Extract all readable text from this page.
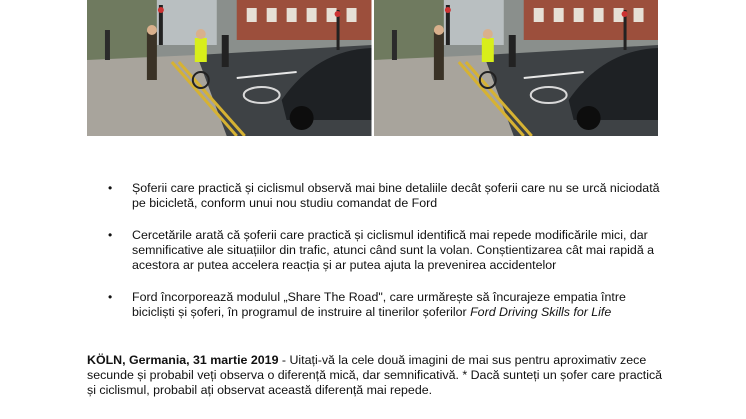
• Șoferii care practică și ciclismul observă mai bine detaliile decât șoferii care nu se urcă niciodată pe bicicletă, conform unui nou studiu comandat de Ford
• Cercetările arată că șoferii care practică și ciclismul identifică mai repede modificările mici, dar semnificative ale situațiilor din trafic, atunci când sunt la volan. Conștientizarea cât mai rapidă a acestora ar putea accelera reacția și ar putea ajuta la prevenirea accidentelor
• Ford încorporează modulul „Share The Road", care urmărește să încurajeze empatia între bicicliști și șoferi, în programul de instruire al tinerilor șoferilor Ford Driving Skills for Life

KÖLN, Germania, 31 martie 2019 - Uitați-vă la cele două imagini de mai sus pentru aproximativ zece secunde și probabil veți observa o diferență mică, dar semnificativă. * Dacă sunteți un șofer care practică și ciclismul, probabil ați observat această diferență mai repede.
